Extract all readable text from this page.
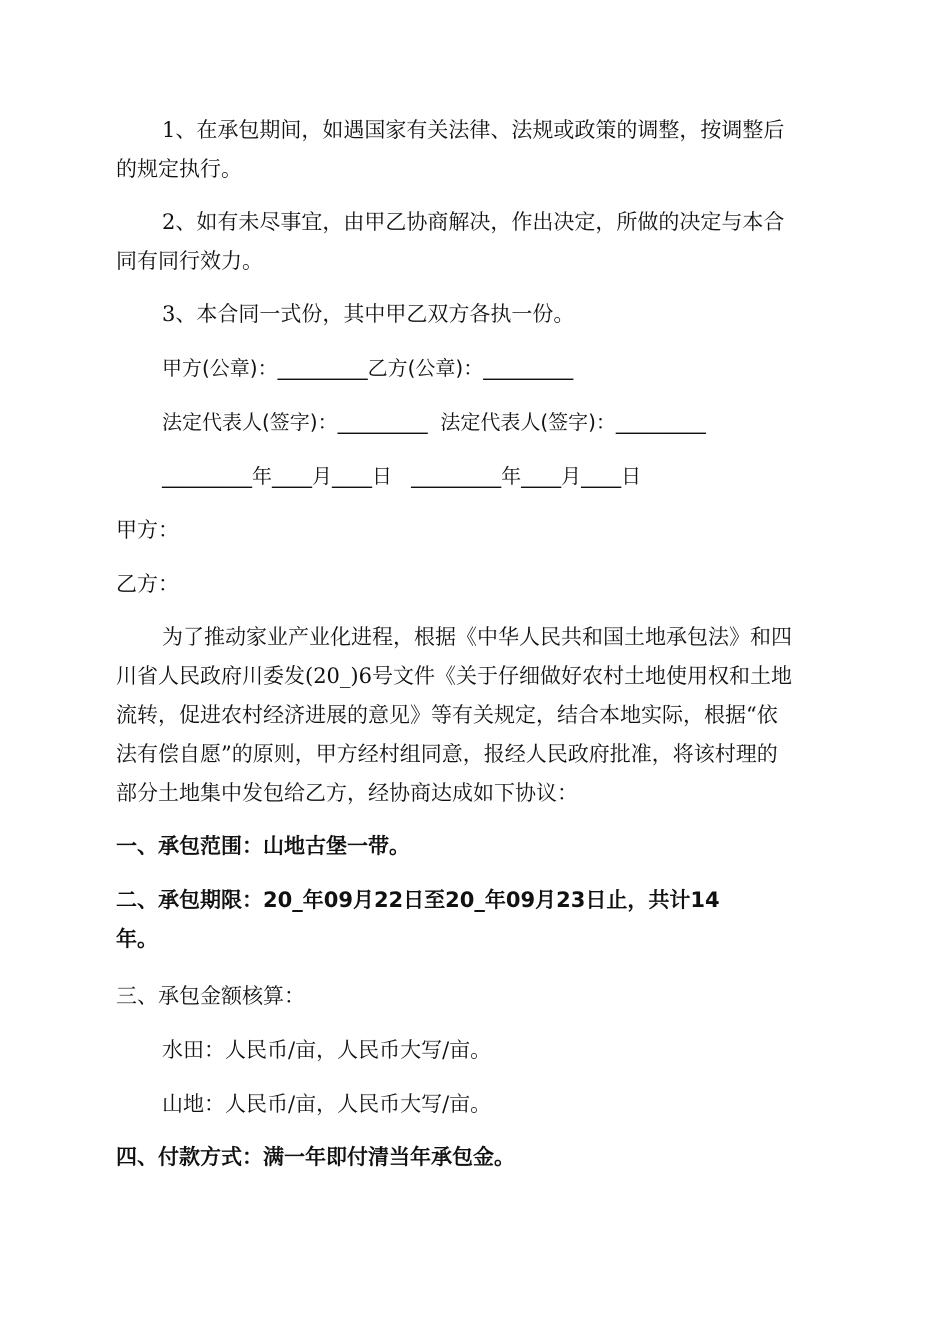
1、在承包期间，如遇国家有关法律、法规或政策的调整，按调整后
的规定执行。
2、如有未尽事宜，由甲乙协商解决，作出决定，所做的决定与本合
同有同行效力。
3、本合同一式份，其中甲乙双方各执一份。
甲方(公章)：_________乙方(公章)：_________
法定代表人(签字)：_________  法定代表人(签字)：_________
_________年____月____日   _________年____月____日
甲方：
乙方：
为了推动家业产业化进程，根据《中华人民共和国土地承包法》和四
川省人民政府川委发(20_)6号文件《关于仔细做好农村土地使用权和土地
流转，促进农村经济进展的意见》等有关规定，结合本地实际，根据“依
法有偿自愿”的原则，甲方经村组同意，报经人民政府批准，将该村理的
部分土地集中发包给乙方，经协商达成如下协议：
一、承包范围：山地古堡一带。
二、承包期限：20_年09月22日至20_年09月23日止，共计14
年。
三、承包金额核算：
水田：人民币/亩，人民币大写/亩。
山地：人民币/亩，人民币大写/亩。
四、付款方式：满一年即付清当年承包金。
